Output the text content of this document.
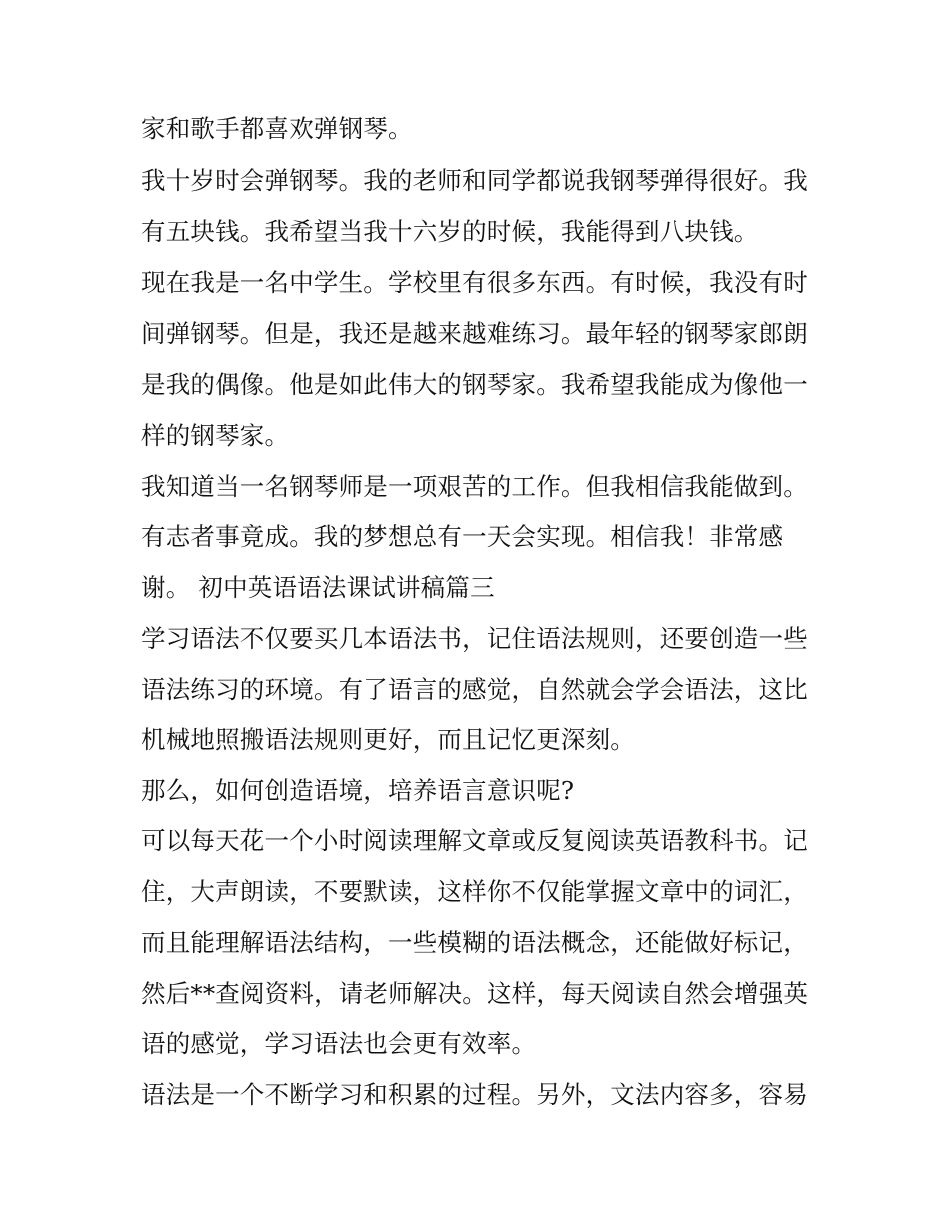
家和歌手都喜欢弹钢琴。
我十岁时会弹钢琴。我的老师和同学都说我钢琴弹得很好。我
有五块钱。我希望当我十六岁的时候，我能得到八块钱。
现在我是一名中学生。学校里有很多东西。有时候，我没有时
间弹钢琴。但是，我还是越来越难练习。最年轻的钢琴家郎朗
是我的偶像。他是如此伟大的钢琴家。我希望我能成为像他一
样的钢琴家。
我知道当一名钢琴师是一项艰苦的工作。但我相信我能做到。
有志者事竟成。我的梦想总有一天会实现。相信我！非常感
谢。 初中英语语法课试讲稿篇三
学习语法不仅要买几本语法书，记住语法规则，还要创造一些
语法练习的环境。有了语言的感觉，自然就会学会语法，这比
机械地照搬语法规则更好，而且记忆更深刻。
那么，如何创造语境，培养语言意识呢?
可以每天花一个小时阅读理解文章或反复阅读英语教科书。记
住，大声朗读，不要默读，这样你不仅能掌握文章中的词汇，
而且能理解语法结构，一些模糊的语法概念，还能做好标记，
然后**查阅资料，请老师解决。这样，每天阅读自然会增强英
语的感觉，学习语法也会更有效率。
语法是一个不断学习和积累的过程。另外，文法内容多，容易
